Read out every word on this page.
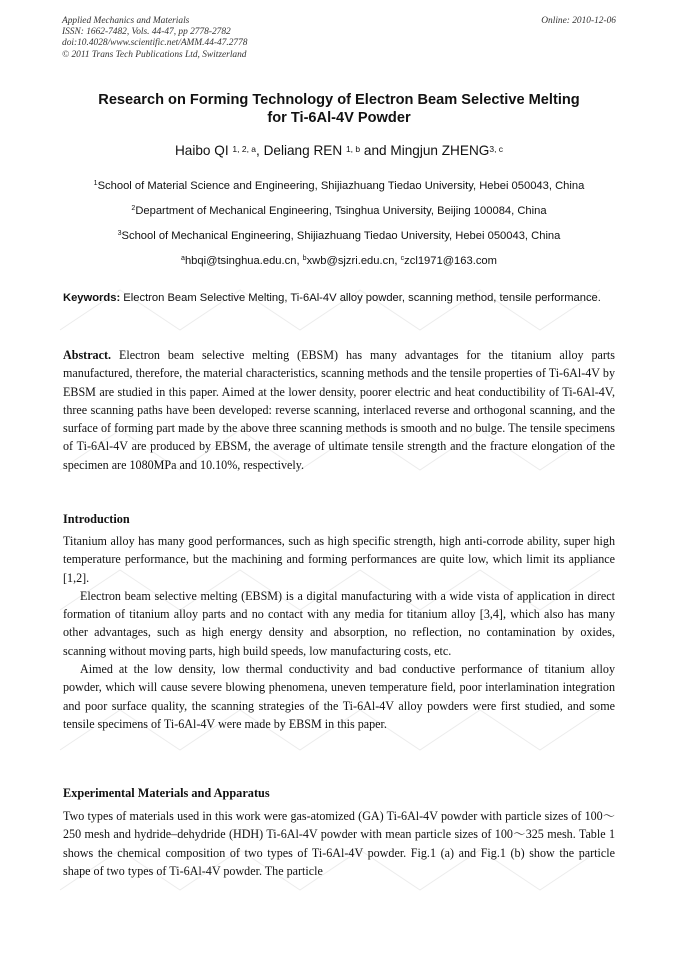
Applied Mechanics and Materials
ISSN: 1662-7482, Vols. 44-47, pp 2778-2782
doi:10.4028/www.scientific.net/AMM.44-47.2778
© 2011 Trans Tech Publications Ltd, Switzerland
Online: 2010-12-06
Research on Forming Technology of Electron Beam Selective Melting
for Ti-6Al-4V Powder
Haibo QI $^{1, 2, a}$, Deliang REN $^{1, b}$ and Mingjun ZHENG$^{3, c}$
$^1$School of Material Science and Engineering, Shijiazhuang Tiedao University, Hebei 050043, China
$^2$Department of Mechanical Engineering, Tsinghua University, Beijing 100084, China
$^3$School of Mechanical Engineering, Shijiazhuang Tiedao University, Hebei 050043, China
$^a$hbqi@tsinghua.edu.cn, $^b$xwb@sjzri.edu.cn, $^c$zcl1971@163.com
Keywords: Electron Beam Selective Melting, Ti-6Al-4V alloy powder, scanning method, tensile performance.
Abstract. Electron beam selective melting (EBSM) has many advantages for the titanium alloy parts manufactured, therefore, the material characteristics, scanning methods and the tensile properties of Ti-6Al-4V by EBSM are studied in this paper. Aimed at the lower density, poorer electric and heat conductibility of Ti-6Al-4V, three scanning paths have been developed: reverse scanning, interlaced reverse and orthogonal scanning, and the surface of forming part made by the above three scanning methods is smooth and no bulge. The tensile specimens of Ti-6Al-4V are produced by EBSM, the average of ultimate tensile strength and the fracture elongation of the specimen are 1080MPa and 10.10%, respectively.
Introduction

Titanium alloy has many good performances, such as high specific strength, high anti-corrode ability, super high temperature performance, but the machining and forming performances are quite low, which limit its appliance [1,2].

Electron beam selective melting (EBSM) is a digital manufacturing with a wide vista of application in direct formation of titanium alloy parts and no contact with any media for titanium alloy [3,4], which also has many other advantages, such as high energy density and absorption, no reflection, no contamination by oxides, scanning without moving parts, high build speeds, low manufacturing costs, etc.

Aimed at the low density, low thermal conductivity and bad conductive performance of titanium alloy powder, which will cause severe blowing phenomena, uneven temperature field, poor interlamination integration and poor surface quality, the scanning strategies of the Ti-6Al-4V alloy powders were first studied, and some tensile specimens of Ti-6Al-4V were made by EBSM in this paper.

Experimental Materials and Apparatus

Two types of materials used in this work were gas-atomized (GA) Ti-6Al-4V powder with particle sizes of 100～250 mesh and hydride–dehydride (HDH) Ti-6Al-4V powder with mean particle sizes of 100～325 mesh. Table 1 shows the chemical composition of two types of Ti-6Al-4V powder. Fig.1 (a) and Fig.1 (b) show the particle shape of two types of Ti-6Al-4V powder. The particle
